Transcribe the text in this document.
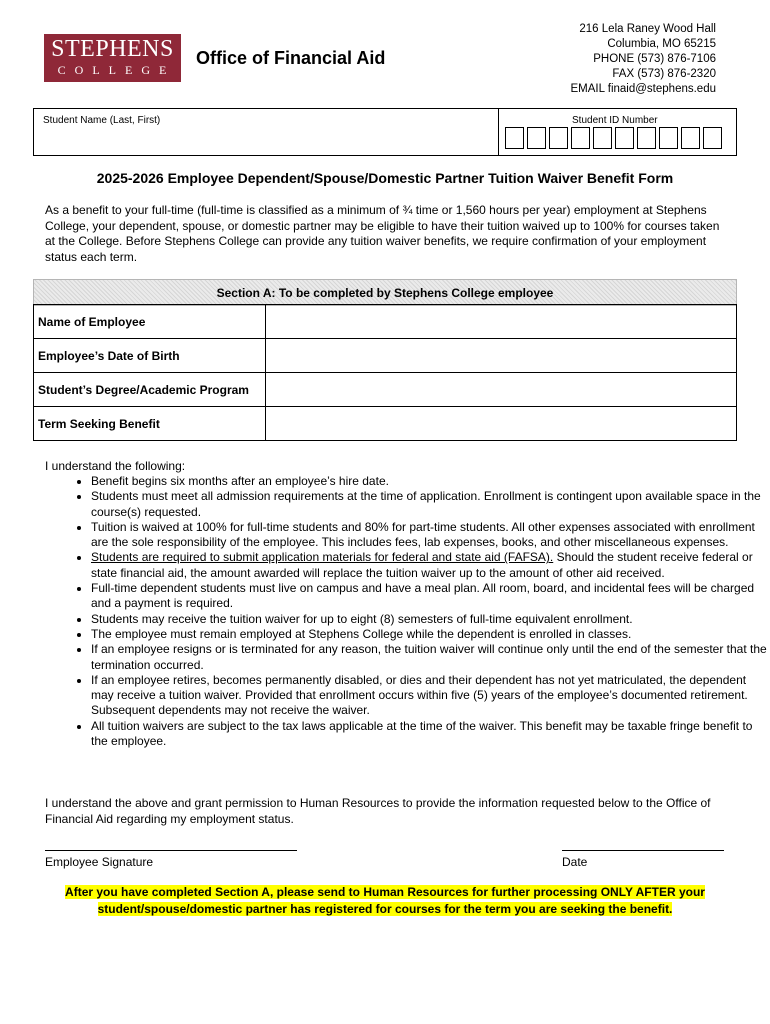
STEPHENS
COLLEGE
Office of Financial Aid
216 Lela Raney Wood Hall
Columbia, MO 65215
PHONE (573) 876-7106
FAX (573) 876-2320
EMAIL finaid@stephens.edu
Student Name (Last, First)	Student ID Number
2025-2026 Employee Dependent/Spouse/Domestic Partner Tuition Waiver Benefit Form
As a benefit to your full-time (full-time is classified as a minimum of ¾ time or 1,560 hours per year) employment at Stephens College, your dependent, spouse, or domestic partner may be eligible to have their tuition waived up to 100% for courses taken at the College. Before Stephens College can provide any tuition waiver benefits, we require confirmation of your employment status each term.
Section A: To be completed by Stephens College employee
Name of Employee	
Employee’s Date of Birth	
Student’s Degree/Academic Program	
Term Seeking Benefit	
I understand the following:
• Benefit begins six months after an employee’s hire date.
• Students must meet all admission requirements at the time of application. Enrollment is contingent upon available space in the course(s) requested.
• Tuition is waived at 100% for full-time students and 80% for part-time students. All other expenses associated with enrollment are the sole responsibility of the employee. This includes fees, lab expenses, books, and other miscellaneous expenses.
• Students are required to submit application materials for federal and state aid (FAFSA). Should the student receive federal or state financial aid, the amount awarded will replace the tuition waiver up to the amount of other aid received.
• Full-time dependent students must live on campus and have a meal plan. All room, board, and incidental fees will be charged and a payment is required.
• Students may receive the tuition waiver for up to eight (8) semesters of full-time equivalent enrollment.
• The employee must remain employed at Stephens College while the dependent is enrolled in classes.
• If an employee resigns or is terminated for any reason, the tuition waiver will continue only until the end of the semester that the termination occurred.
• If an employee retires, becomes permanently disabled, or dies and their dependent has not yet matriculated, the dependent may receive a tuition waiver. Provided that enrollment occurs within five (5) years of the employee’s documented retirement. Subsequent dependents may not receive the waiver.
• All tuition waivers are subject to the tax laws applicable at the time of the waiver. This benefit may be taxable fringe benefit to the employee.
I understand the above and grant permission to Human Resources to provide the information requested below to the Office of Financial Aid regarding my employment status.
Employee Signature	Date
After you have completed Section A, please send to Human Resources for further processing ONLY AFTER your student/spouse/domestic partner has registered for courses for the term you are seeking the benefit.
